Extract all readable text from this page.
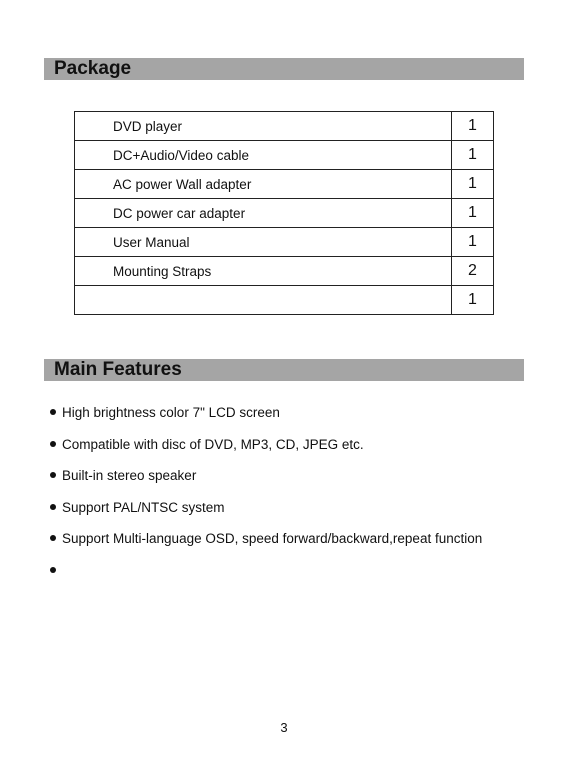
Package
DVD player	1
DC+Audio/Video cable	1
AC power Wall adapter	1
DC power car adapter	1
User Manual	1
Mounting Straps	2
	1
Main Features
High brightness color 7" LCD screen
Compatible with disc of DVD, MP3, CD, JPEG etc.
Built-in stereo speaker
Support PAL/NTSC system
Support Multi-language OSD, speed forward/backward,repeat function
3
